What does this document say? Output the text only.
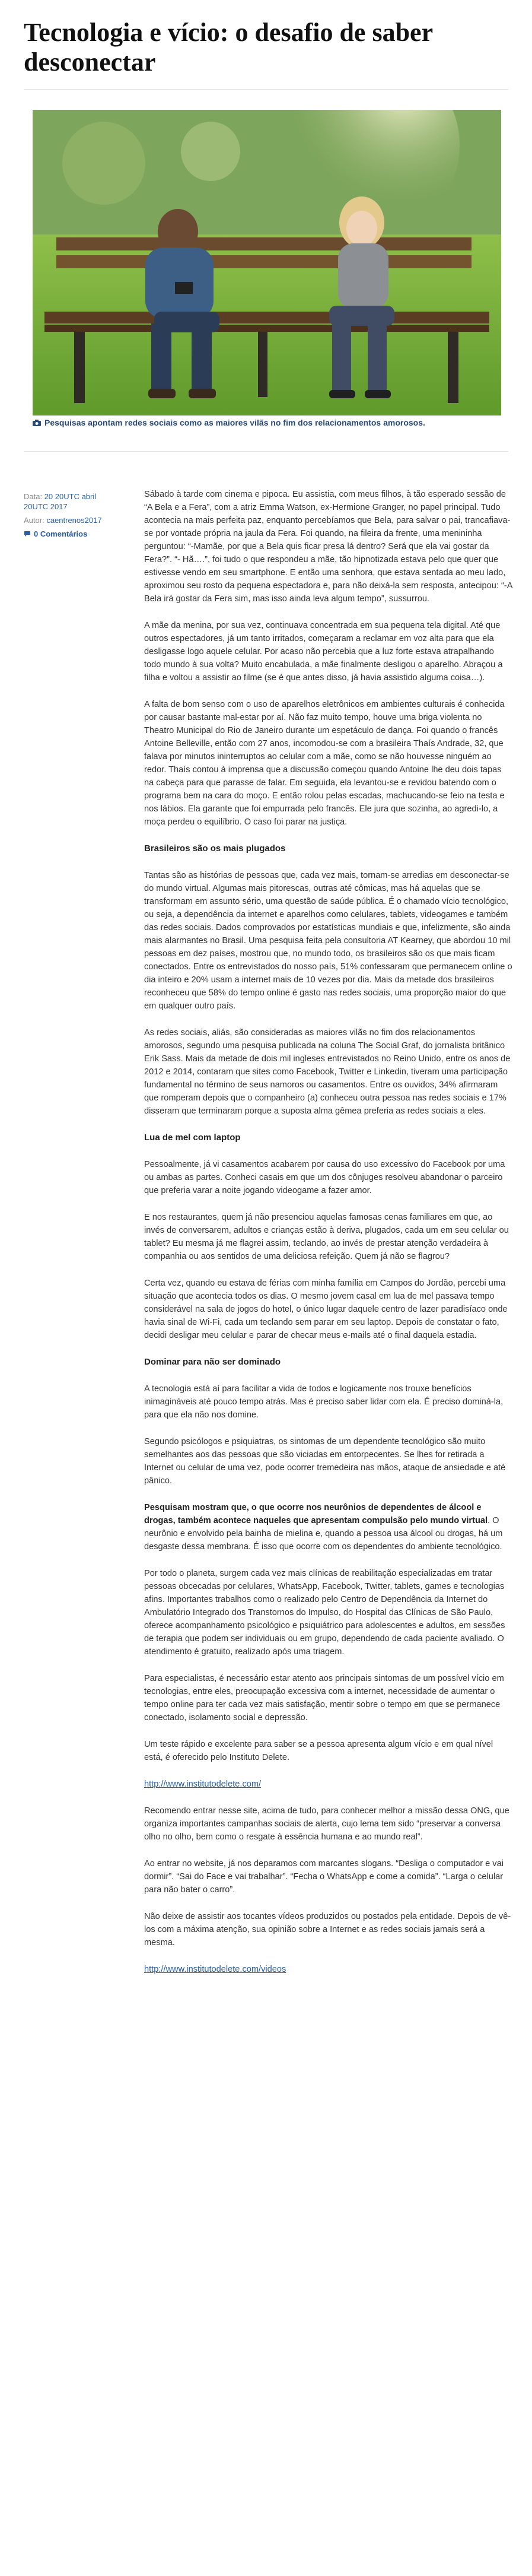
Tecnologia e vício: o desafio de saber desconectar
Pesquisas apontam redes sociais como as maiores vilãs no fim dos relacionamentos amorosos.
Data: 20 20UTC abril 20UTC 2017
Autor: caentrenos2017
0 Comentários

Sábado à tarde com cinema e pipoca. Eu assistia, com meus filhos, à tão esperado sessão de “A Bela e a Fera”, com a atriz Emma Watson, ex-Hermione Granger, no papel principal. Tudo acontecia na mais perfeita paz, enquanto percebíamos que Bela, para salvar o pai, trancafiava-se por vontade própria na jaula da Fera. Foi quando, na fileira da frente, uma menininha perguntou: “-Mamãe, por que a Bela quis ficar presa lá dentro? Será que ela vai gostar da Fera?”. “- Hã….”, foi tudo o que respondeu a mãe, tão hipnotizada estava pelo que quer que estivesse vendo em seu smartphone. E então uma senhora, que estava sentada ao meu lado, aproximou seu rosto da pequena espectadora e, para não deixá-la sem resposta, antecipou: “-A Bela irá gostar da Fera sim, mas isso ainda leva algum tempo”, sussurrou.

A mãe da menina, por sua vez, continuava concentrada em sua pequena tela digital. Até que outros espectadores, já um tanto irritados, começaram a reclamar em voz alta para que ela desligasse logo aquele celular. Por acaso não percebia que a luz forte estava atrapalhando todo mundo à sua volta? Muito encabulada, a mãe finalmente desligou o aparelho. Abraçou a filha e voltou a assistir ao filme (se é que antes disso, já havia assistido alguma coisa…).

A falta de bom senso com o uso de aparelhos eletrônicos em ambientes culturais é conhecida por causar bastante mal-estar por aí. Não faz muito tempo, houve uma briga violenta no Theatro Municipal do Rio de Janeiro durante um espetáculo de dança. Foi quando o francês Antoine Belleville, então com 27 anos, incomodou-se com a brasileira Thaís Andrade, 32, que falava por minutos ininterruptos ao celular com a mãe, como se não houvesse ninguém ao redor. Thaís contou à imprensa que a discussão começou quando Antoine lhe deu dois tapas na cabeça para que parasse de falar. Em seguida, ela levantou-se e revidou batendo com o programa bem na cara do moço. E então rolou pelas escadas, machucando-se feio na testa e nos lábios. Ela garante que foi empurrada pelo francês. Ele jura que sozinha, ao agredi-lo, a moça perdeu o equilíbrio. O caso foi parar na justiça.

Brasileiros são os mais plugados

Tantas são as histórias de pessoas que, cada vez mais, tornam-se arredias em desconectar-se do mundo virtual. Algumas mais pitorescas, outras até cômicas, mas há aquelas que se transformam em assunto sério, uma questão de saúde pública. É o chamado vício tecnológico, ou seja, a dependência da internet e aparelhos como celulares, tablets, videogames e também das redes sociais. Dados comprovados por estatísticas mundiais e que, infelizmente, são ainda mais alarmantes no Brasil. Uma pesquisa feita pela consultoria AT Kearney, que abordou 10 mil pessoas em dez países, mostrou que, no mundo todo, os brasileiros são os que mais ficam conectados. Entre os entrevistados do nosso país, 51% confessaram que permanecem online o dia inteiro e 20% usam a internet mais de 10 vezes por dia. Mais da metade dos brasileiros reconheceu que 58% do tempo online é gasto nas redes sociais, uma proporção maior do que em qualquer outro país.

As redes sociais, aliás, são consideradas as maiores vilãs no fim dos relacionamentos amorosos, segundo uma pesquisa publicada na coluna The Social Graf, do jornalista britânico Erik Sass. Mais da metade de dois mil ingleses entrevistados no Reino Unido, entre os anos de 2012 e 2014, contaram que sites como Facebook, Twitter e Linkedin, tiveram uma participação fundamental no término de seus namoros ou casamentos. Entre os ouvidos, 34% afirmaram que romperam depois que o companheiro (a) conheceu outra pessoa nas redes sociais e 17% disseram que terminaram porque a suposta alma gêmea preferia as redes sociais a eles.

Lua de mel com laptop

Pessoalmente, já vi casamentos acabarem por causa do uso excessivo do Facebook por uma ou ambas as partes. Conheci casais em que um dos cônjuges resolveu abandonar o parceiro que preferia varar a noite jogando videogame a fazer amor.

E nos restaurantes, quem já não presenciou aquelas famosas cenas familiares em que, ao invés de conversarem, adultos e crianças estão à deriva, plugados, cada um em seu celular ou tablet? Eu mesma já me flagrei assim, teclando, ao invés de prestar atenção verdadeira à companhia ou aos sentidos de uma deliciosa refeição. Quem já não se flagrou?

Certa vez, quando eu estava de férias com minha família em Campos do Jordão, percebi uma situação que acontecia todos os dias. O mesmo jovem casal em lua de mel passava tempo considerável na sala de jogos do hotel, o único lugar daquele centro de lazer paradisíaco onde havia sinal de Wi-Fi, cada um teclando sem parar em seu laptop. Depois de constatar o fato, decidi desligar meu celular e parar de checar meus e-mails até o final daquela estadia.

Dominar para não ser dominado

A tecnologia está aí para facilitar a vida de todos e logicamente nos trouxe benefícios inimagináveis até pouco tempo atrás. Mas é preciso saber lidar com ela. É preciso dominá-la, para que ela não nos domine.

Segundo psicólogos e psiquiatras, os sintomas de um dependente tecnológico são muito semelhantes aos das pessoas que são viciadas em entorpecentes. Se lhes for retirada a Internet ou celular de uma vez, pode ocorrer tremedeira nas mãos, ataque de ansiedade e até pânico.

Pesquisam mostram que, o que ocorre nos neurônios de dependentes de álcool e drogas, também acontece naqueles que apresentam compulsão pelo mundo virtual. O neurônio e envolvido pela bainha de mielina e, quando a pessoa usa álcool ou drogas, há um desgaste dessa membrana. É isso que ocorre com os dependentes do ambiente tecnológico.

Por todo o planeta, surgem cada vez mais clínicas de reabilitação especializadas em tratar pessoas obcecadas por celulares, WhatsApp, Facebook, Twitter, tablets, games e tecnologias afins. Importantes trabalhos como o realizado pelo Centro de Dependência da Internet do Ambulatório Integrado dos Transtornos do Impulso, do Hospital das Clínicas de São Paulo, oferece acompanhamento psicológico e psiquiátrico para adolescentes e adultos, em sessões de terapia que podem ser individuais ou em grupo, dependendo de cada paciente avaliado. O atendimento é gratuito, realizado após uma triagem.

Para especialistas, é necessário estar atento aos principais sintomas de um possível vício em tecnologias, entre eles, preocupação excessiva com a internet, necessidade de aumentar o tempo online para ter cada vez mais satisfação, mentir sobre o tempo em que se permanece conectado, isolamento social e depressão.

Um teste rápido e excelente para saber se a pessoa apresenta algum vício e em qual nível está, é oferecido pelo Instituto Delete.

http://www.institutodelete.com/

Recomendo entrar nesse site, acima de tudo, para conhecer melhor a missão dessa ONG, que organiza importantes campanhas sociais de alerta, cujo lema tem sido “preservar a conversa olho no olho, bem como o resgate à essência humana e ao mundo real”.

Ao entrar no website, já nos deparamos com marcantes slogans. “Desliga o computador e vai dormir”. “Sai do Face e vai trabalhar”. “Fecha o WhatsApp e come a comida”. “Larga o celular para não bater o carro”.

Não deixe de assistir aos tocantes vídeos produzidos ou postados pela entidade. Depois de vê-los com a máxima atenção, sua opinião sobre a Internet e as redes sociais jamais será a mesma.

http://www.institutodelete.com/videos
